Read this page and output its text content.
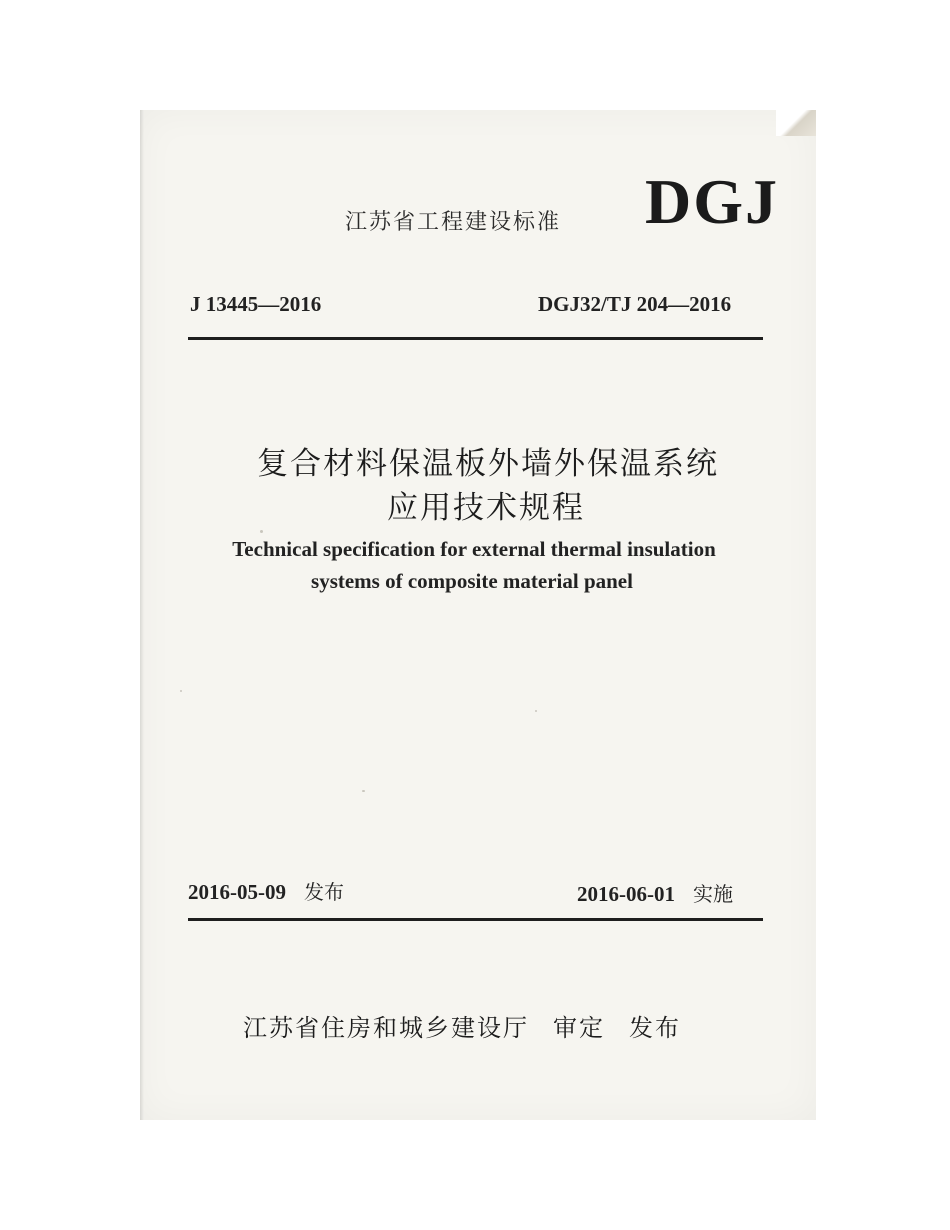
江苏省工程建设标准 DGJ
J 13445—2016	DGJ32/TJ 204—2016
复合材料保温板外墙外保温系统
应用技术规程
Technical specification for external thermal insulation
systems of composite material panel
2016-05-09 发布	2016-06-01 实施
江苏省住房和城乡建设厅 审定 发布
